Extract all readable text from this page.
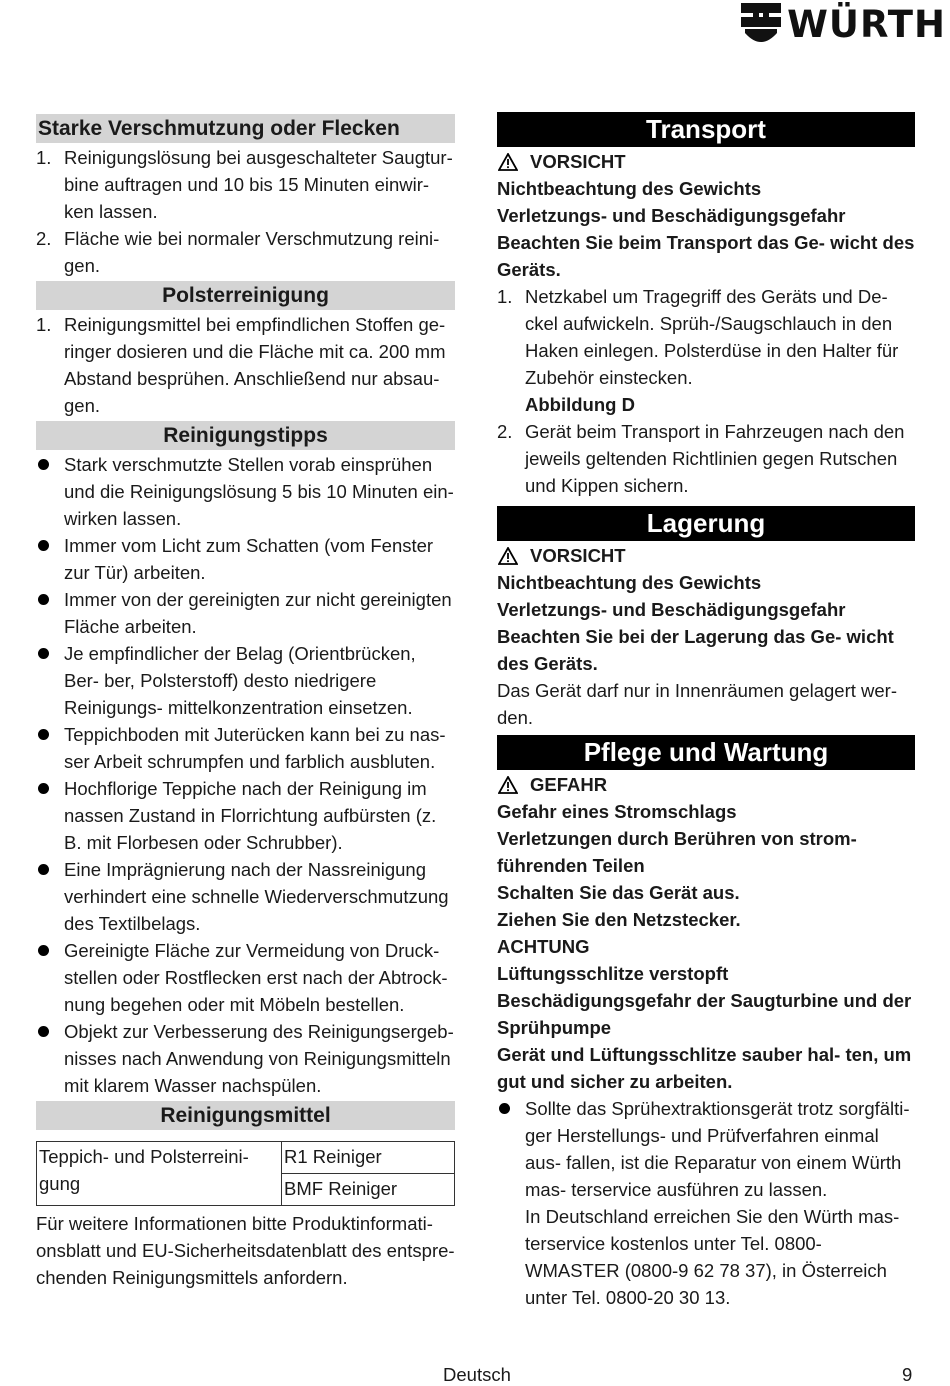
WÜRTH
Starke Verschmutzung oder Flecken
1. Reinigungslösung bei ausgeschalteter Saugtur- bine auftragen und 10 bis 15 Minuten einwir- ken lassen.
2. Fläche wie bei normaler Verschmutzung reini- gen.
Polsterreinigung
1. Reinigungsmittel bei empfindlichen Stoffen ge- ringer dosieren und die Fläche mit ca. 200 mm Abstand besprühen. Anschließend nur absau- gen.
Reinigungstipps
Stark verschmutzte Stellen vorab einsprühen und die Reinigungslösung 5 bis 10 Minuten ein- wirken lassen.
Immer vom Licht zum Schatten (vom Fenster zur Tür) arbeiten.
Immer von der gereinigten zur nicht gereinigten Fläche arbeiten.
Je empfindlicher der Belag (Orientbrücken, Ber- ber, Polsterstoff) desto niedrigere Reinigungs- mittelkonzentration einsetzen.
Teppichboden mit Juterücken kann bei zu nas- ser Arbeit schrumpfen und farblich ausbluten.
Hochflorige Teppiche nach der Reinigung im nassen Zustand in Florrichtung aufbürsten (z. B. mit Florbesen oder Schrubber).
Eine Imprägnierung nach der Nassreinigung verhindert eine schnelle Wiederverschmutzung des Textilbelags.
Gereinigte Fläche zur Vermeidung von Druck- stellen oder Rostflecken erst nach der Abtrock- nung begehen oder mit Möbeln bestellen.
Objekt zur Verbesserung des Reinigungsergeb- nisses nach Anwendung von Reinigungsmitteln mit klarem Wasser nachspülen.
Reinigungsmittel
Teppich- und Polsterreini- gung	R1 Reiniger
BMF Reiniger

Für weitere Informationen bitte Produktinformati- onsblatt und EU-Sicherheitsdatenblatt des entspre- chenden Reinigungsmittels anfordern.

Transport
VORSICHT

Nichtbeachtung des Gewichts

Verletzungs- und Beschädigungsgefahr

Beachten Sie beim Transport das Ge- wicht des Geräts.

1. Netzkabel um Tragegriff des Geräts und De- ckel aufwickeln. Sprüh-/Saugschlauch in den Haken einlegen. Polsterdüse in den Halter für Zubehör einstecken.
Abbildung D
2. Gerät beim Transport in Fahrzeugen nach den jeweils geltenden Richtlinien gegen Rutschen und Kippen sichern.
Lagerung
VORSICHT

Nichtbeachtung des Gewichts

Verletzungs- und Beschädigungsgefahr

Beachten Sie bei der Lagerung das Ge- wicht des Geräts.

Das Gerät darf nur in Innenräumen gelagert wer- den.

Pflege und Wartung
GEFAHR

Gefahr eines Stromschlags

Verletzungen durch Berühren von strom- führenden Teilen

Schalten Sie das Gerät aus.

Ziehen Sie den Netzstecker.

ACHTUNG

Lüftungsschlitze verstopft

Beschädigungsgefahr der Saugturbine und der Sprühpumpe

Gerät und Lüftungsschlitze sauber hal- ten, um gut und sicher zu arbeiten.

Sollte das Sprühextraktionsgerät trotz sorgfälti- ger Herstellungs- und Prüfverfahren einmal aus- fallen, ist die Reparatur von einem Würth mas- terservice ausführen zu lassen.

In Deutschland erreichen Sie den Würth mas- terservice kostenlos unter Tel. 0800-WMASTER (0800-9 62 78 37), in Österreich unter Tel. 0800-20 30 13.

Deutsch	9
